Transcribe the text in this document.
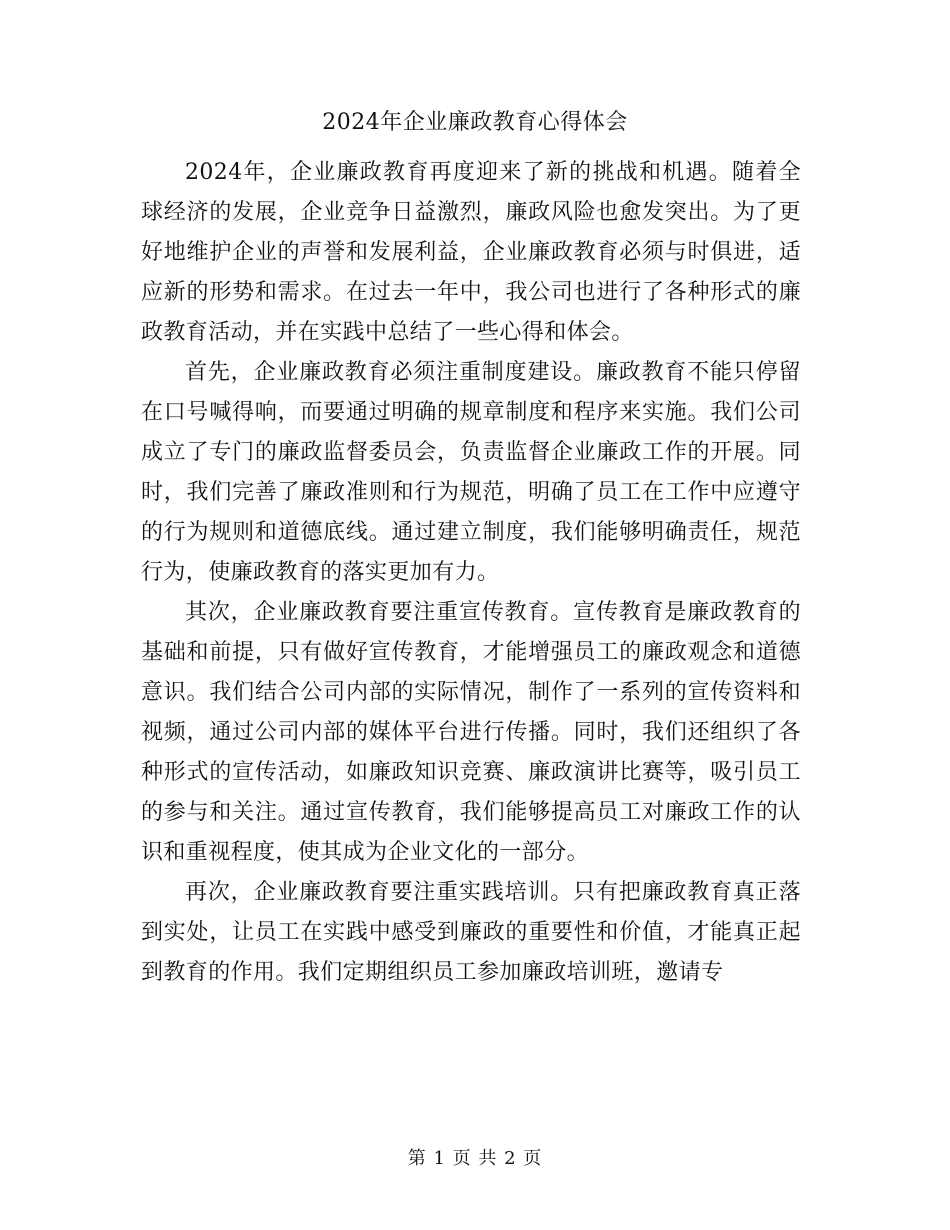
2024年企业廉政教育心得体会

2024年，企业廉政教育再度迎来了新的挑战和机遇。随着全球经济的发展，企业竞争日益激烈，廉政风险也愈发突出。为了更好地维护企业的声誉和发展利益，企业廉政教育必须与时俱进，适应新的形势和需求。在过去一年中，我公司也进行了各种形式的廉政教育活动，并在实践中总结了一些心得和体会。

首先，企业廉政教育必须注重制度建设。廉政教育不能只停留在口号喊得响，而要通过明确的规章制度和程序来实施。我们公司成立了专门的廉政监督委员会，负责监督企业廉政工作的开展。同时，我们完善了廉政准则和行为规范，明确了员工在工作中应遵守的行为规则和道德底线。通过建立制度，我们能够明确责任，规范行为，使廉政教育的落实更加有力。

其次，企业廉政教育要注重宣传教育。宣传教育是廉政教育的基础和前提，只有做好宣传教育，才能增强员工的廉政观念和道德意识。我们结合公司内部的实际情况，制作了一系列的宣传资料和视频，通过公司内部的媒体平台进行传播。同时，我们还组织了各种形式的宣传活动，如廉政知识竞赛、廉政演讲比赛等，吸引员工的参与和关注。通过宣传教育，我们能够提高员工对廉政工作的认识和重视程度，使其成为企业文化的一部分。

再次，企业廉政教育要注重实践培训。只有把廉政教育真正落到实处，让员工在实践中感受到廉政的重要性和价值，才能真正起到教育的作用。我们定期组织员工参加廉政培训班，邀请专

第 1 页 共 2 页
